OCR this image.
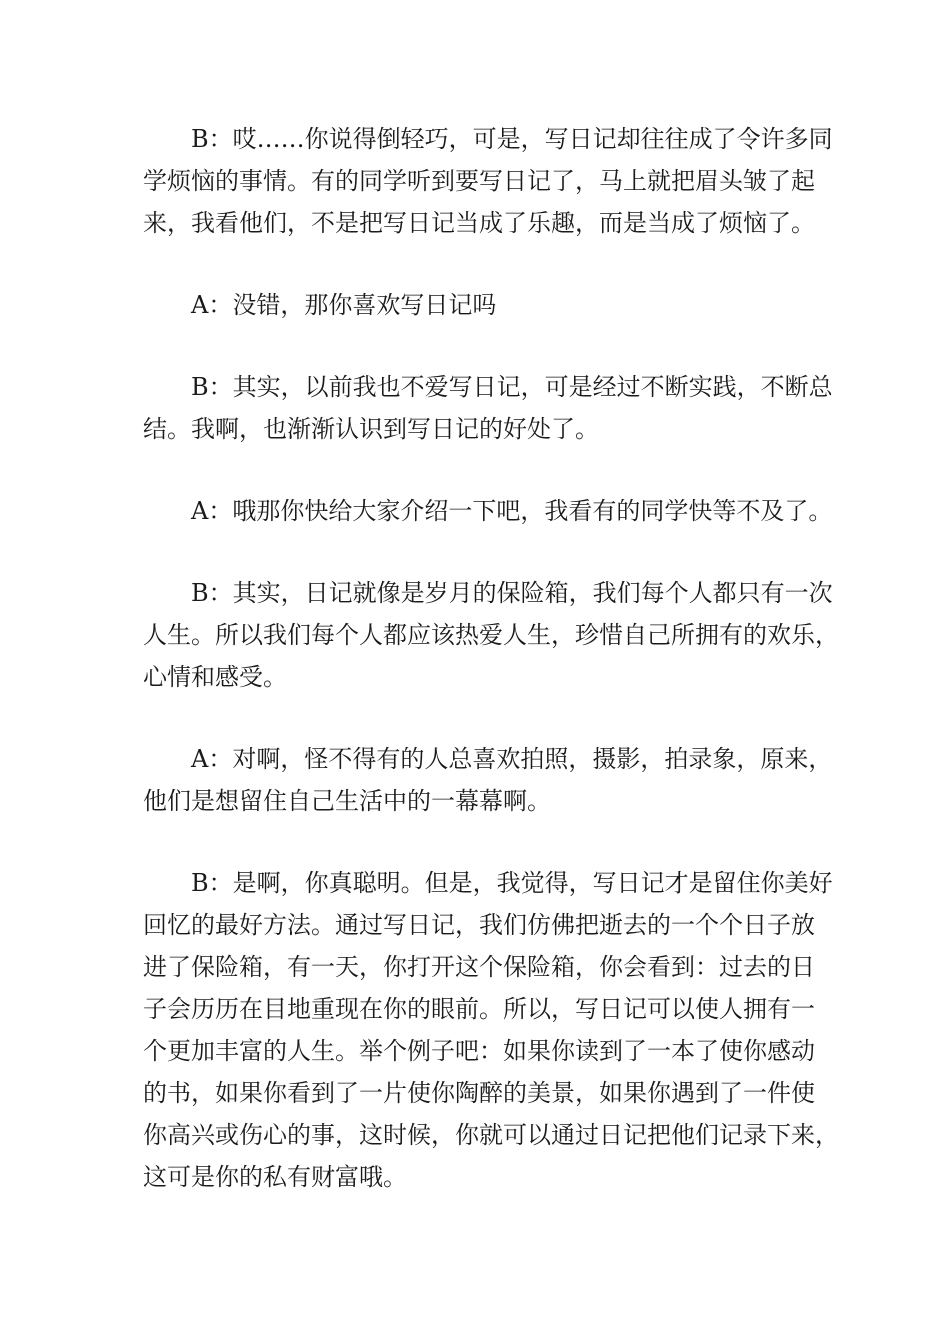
B：哎……你说得倒轻巧，可是，写日记却往往成了令许多同
学烦恼的事情。有的同学听到要写日记了，马上就把眉头皱了起
来，我看他们，不是把写日记当成了乐趣，而是当成了烦恼了。

A：没错，那你喜欢写日记吗

B：其实，以前我也不爱写日记，可是经过不断实践，不断总
结。我啊，也渐渐认识到写日记的好处了。

A：哦那你快给大家介绍一下吧，我看有的同学快等不及了。

B：其实，日记就像是岁月的保险箱，我们每个人都只有一次
人生。所以我们每个人都应该热爱人生，珍惜自己所拥有的欢乐，
心情和感受。

A：对啊，怪不得有的人总喜欢拍照，摄影，拍录象，原来，
他们是想留住自己生活中的一幕幕啊。

B：是啊，你真聪明。但是，我觉得，写日记才是留住你美好
回忆的最好方法。通过写日记，我们仿佛把逝去的一个个日子放
进了保险箱，有一天，你打开这个保险箱，你会看到：过去的日
子会历历在目地重现在你的眼前。所以，写日记可以使人拥有一
个更加丰富的人生。举个例子吧：如果你读到了一本了使你感动
的书，如果你看到了一片使你陶醉的美景，如果你遇到了一件使
你高兴或伤心的事，这时候，你就可以通过日记把他们记录下来，
这可是你的私有财富哦。
